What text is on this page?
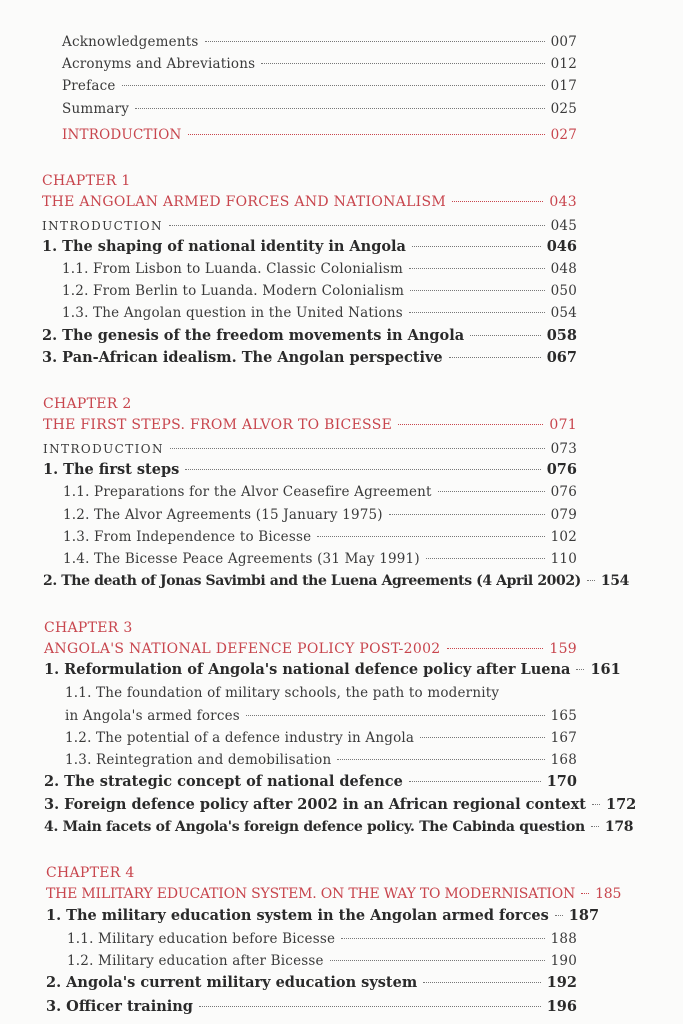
Acknowledgements	007
Acronyms and Abreviations	012
Preface	017
Summary	025
INTRODUCTION	027
CHAPTER 1
THE ANGOLAN ARMED FORCES AND NATIONALISM	043
INTRODUCTION	045
1. The shaping of national identity in Angola	046
1.1. From Lisbon to Luanda. Classic Colonialism	048
1.2. From Berlin to Luanda. Modern Colonialism	050
1.3. The Angolan question in the United Nations	054
2. The genesis of the freedom movements in Angola	058
3. Pan-African idealism. The Angolan perspective	067
CHAPTER 2
THE FIRST STEPS. FROM ALVOR TO BICESSE	071
INTRODUCTION	073
1. The first steps	076
1.1. Preparations for the Alvor Ceasefire Agreement	076
1.2. The Alvor Agreements (15 January 1975)	079
1.3. From Independence to Bicesse	102
1.4. The Bicesse Peace Agreements (31 May 1991)	110
2. The death of Jonas Savimbi and the Luena Agreements (4 April 2002) 154
CHAPTER 3
ANGOLA'S NATIONAL DEFENCE POLICY POST-2002	159
1. Reformulation of Angola's national defence policy after Luena 161
1.1. The foundation of military schools, the path to modernity
in Angola's armed forces	165
1.2. The potential of a defence industry in Angola	167
1.3. Reintegration and demobilisation	168
2. The strategic concept of national defence	170
3. Foreign defence policy after 2002 in an African regional context 172
4. Main facets of Angola's foreign defence policy. The Cabinda question 178
CHAPTER 4
THE MILITARY EDUCATION SYSTEM. ON THE WAY TO MODERNISATION 185
1. The military education system in the Angolan armed forces 187
1.1. Military education before Bicesse	188
1.2. Military education after Bicesse	190
2. Angola's current military education system	192
3. Officer training	196
